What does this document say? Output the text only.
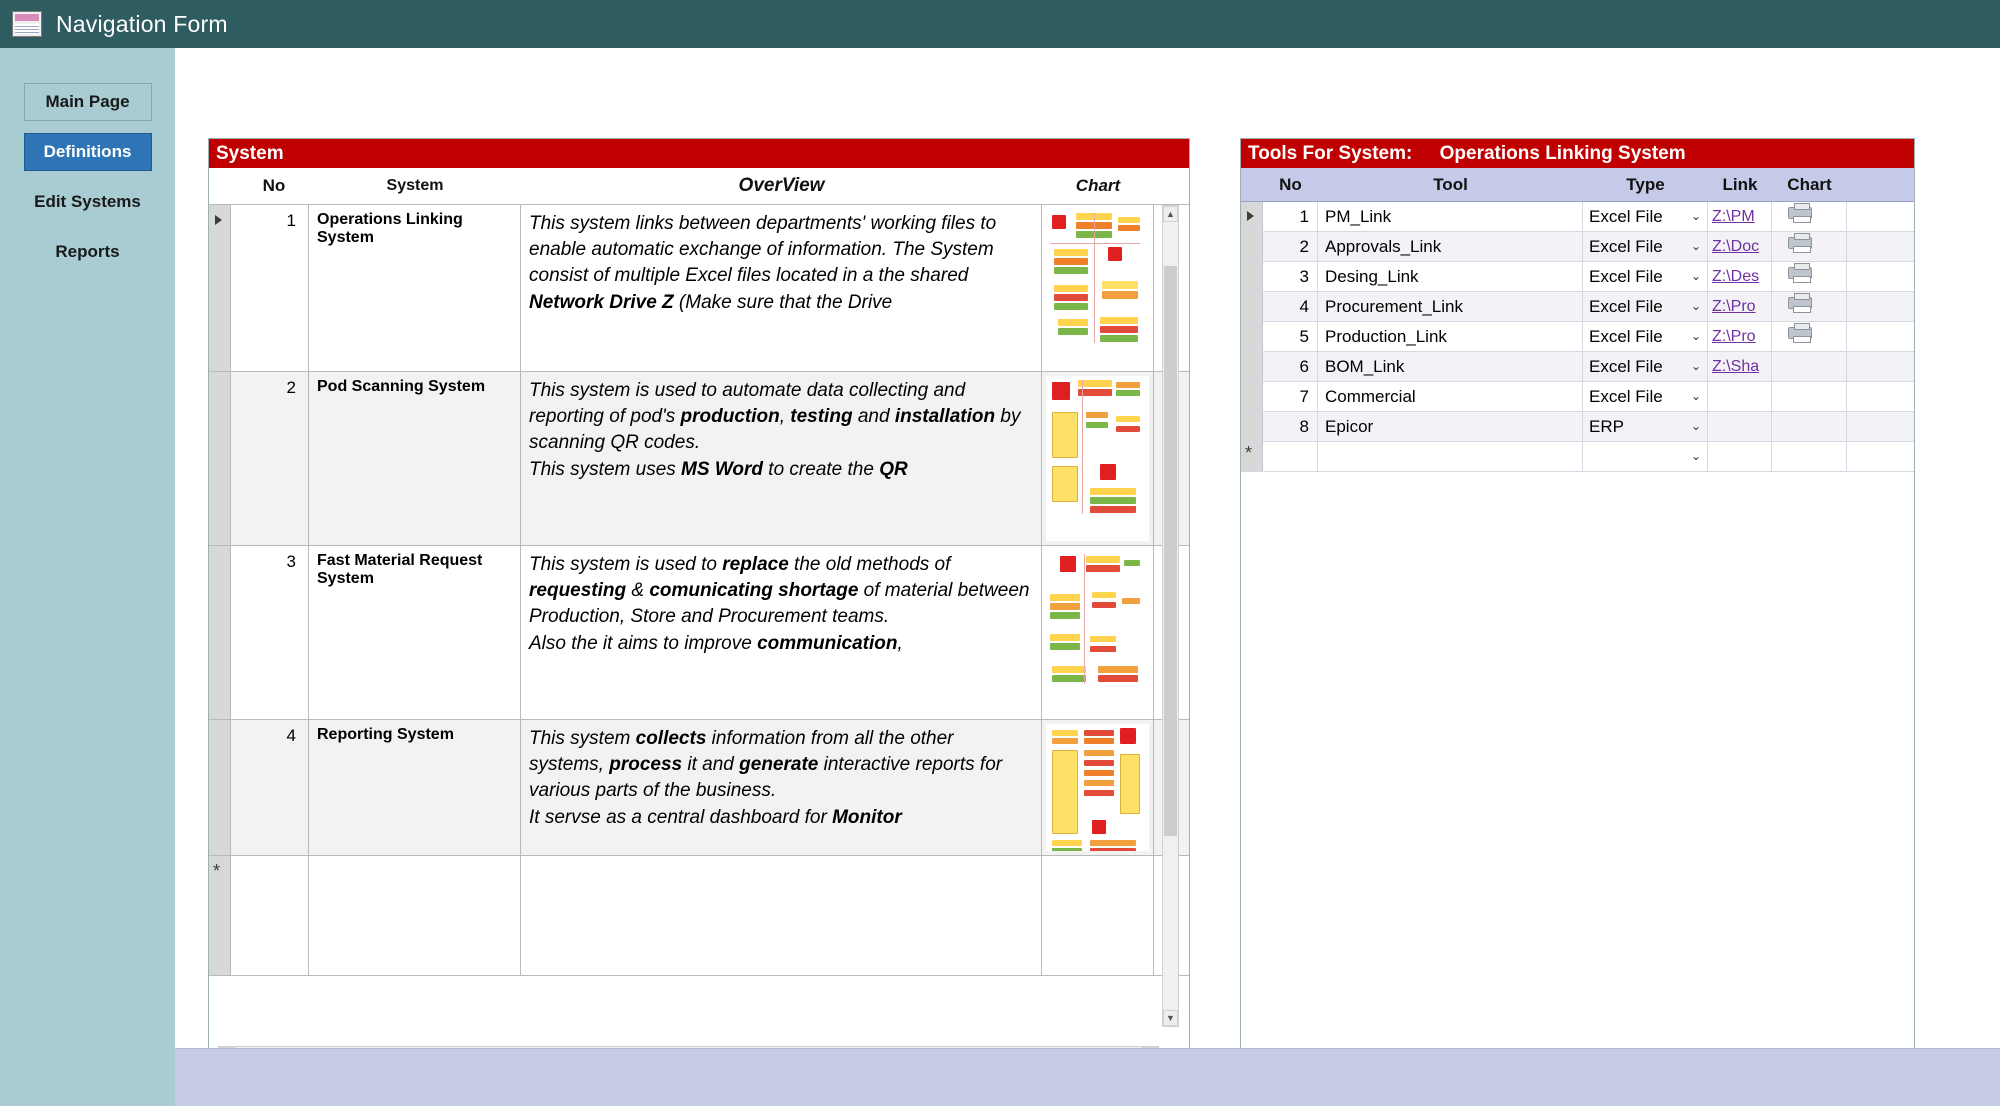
Navigation Form
Main Page
Definitions
Edit Systems
Reports
System
No	System	OverView	Chart
1	Operations Linking System
This system links between departments' working files to enable automatic exchange of information. The System consist of multiple Excel files located in a the shared Network Drive Z (Make sure that the Drive
2	Pod Scanning System	This system is used to automate data collecting and reporting of pod's production, testing and installation by scanning QR codes.
This system uses MS Word to create the QR
3	Fast Material Request System
This system is used to replace the old methods of requesting & comunicating shortage of material between Production, Store and Procurement teams.
Also the it aims to improve communication,
4	Reporting System	This system collects information from all the other systems, process it and generate interactive reports for various parts of the business.
It servse as a central dashboard for Monitor
*
▲
▼
Tools For System: Operations Linking System
No	Tool	Type	Link	Chart
1 PM_Link	Excel File ⌄ Z:\PM
2 Approvals_Link	Excel File ⌄ Z:\Doc
3 Desing_Link	Excel File ⌄ Z:\Des
4 Procurement_Link	Excel File ⌄ Z:\Pro
5 Production_Link	Excel File ⌄ Z:\Pro
6 BOM_Link	Excel File ⌄ Z:\Sha
7 Commercial	Excel File ⌄
8 Epicor	ERP	⌄
*	⌄
